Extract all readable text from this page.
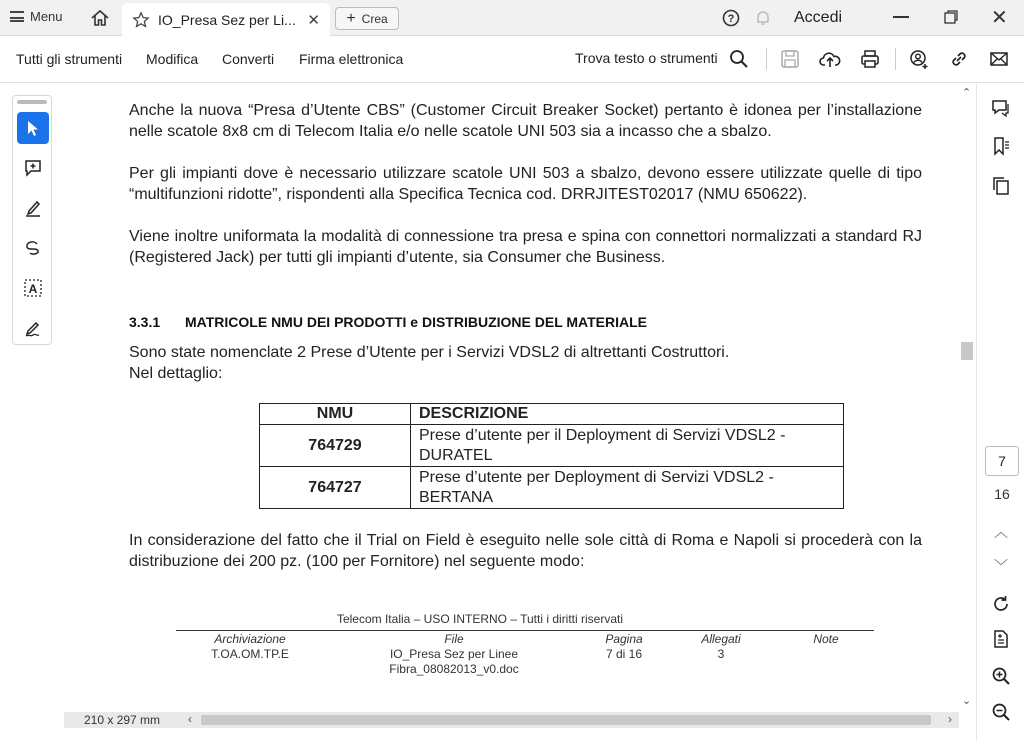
Menu	IO_Presa Sez per Li... ✕ + Crea	?	Accedi	✕
Tutti gli strumenti Modifica Converti Firma elettronica	Trova testo o strumenti
A

Anche la nuova “Presa d’Utente CBS” (Customer Circuit Breaker Socket) pertanto è idonea per l’installazione nelle scatole 8x8 cm di Telecom Italia e/o nelle scatole UNI 503 sia a incasso che a sbalzo.

Per gli impianti dove è necessario utilizzare scatole UNI 503 a sbalzo, devono essere utilizzate quelle di tipo “multifunzioni ridotte”, rispondenti alla Specifica Tecnica cod. DRRJITEST02017 (NMU 650622).

Viene inoltre uniformata la modalità di connessione tra presa e spina con connettori normalizzati a standard RJ (Registered Jack) per tutti gli impianti d’utente, sia Consumer che Business.

3.3.1 MATRICOLE NMU DEI PRODOTTI e DISTRIBUZIONE DEL MATERIALE

Sono state nomenclate 2 Prese d’Utente per i Servizi VDSL2 di altrettanti Costruttori.

Nel dettaglio:

NMU	DESCRIZIONE
764729	Prese d’utente per il Deployment di Servizi VDSL2 - DURATEL
764727	Prese d’utente per Deployment di Servizi VDSL2 - BERTANA

In considerazione del fatto che il Trial on Field è eseguito nelle sole città di Roma e Napoli si procederà con la distribuzione dei 200 pz. (100 per Fornitore) nel seguente modo:

Telecom Italia – USO INTERNO – Tutti i diritti riservati
Archiviazione
T.OA.OM.TP.E
File
IO_Presa Sez per Linee
Fibra_08082013_v0.doc
Pagina
7 di 16
Allegati
3
Note
⌃
⌄
7
16
︿
﹀
210 x 297 mm ‹	›
